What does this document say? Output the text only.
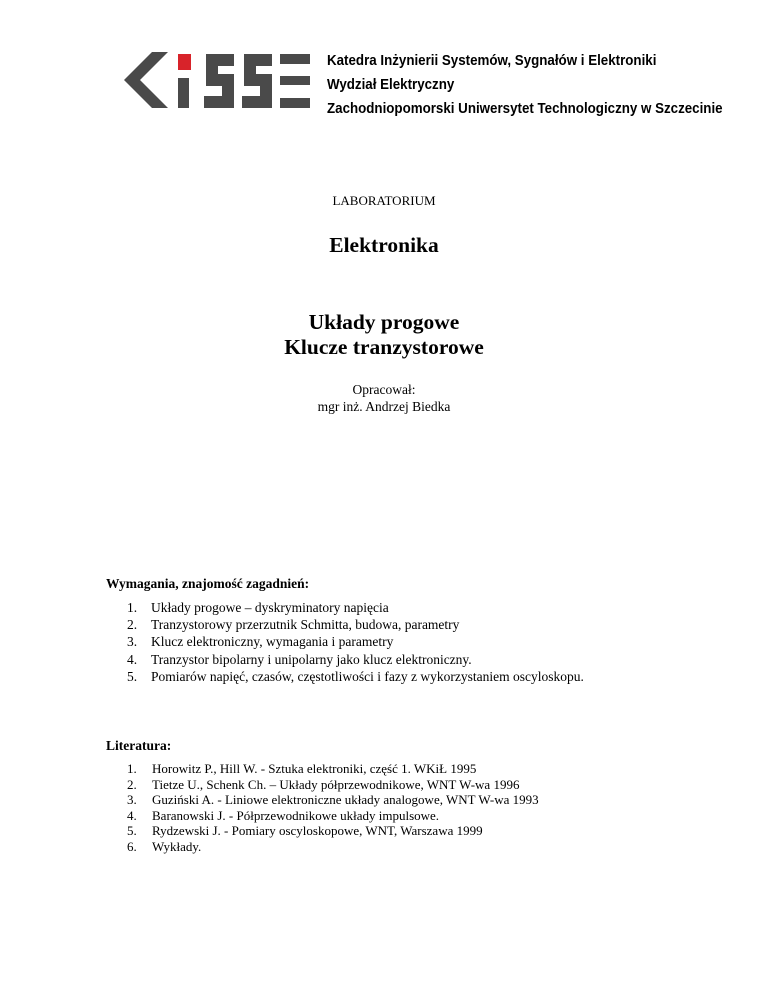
Katedra Inżynierii Systemów, Sygnałów i Elektroniki
Wydział Elektryczny
Zachodniopomorski Uniwersytet Technologiczny w Szczecinie
LABORATORIUM
Elektronika
Układy progowe
Klucze tranzystorowe
Opracował:
mgr inż. Andrzej Biedka
Wymagania, znajomość zagadnień:
1. Układy progowe – dyskryminatory napięcia
2. Tranzystorowy przerzutnik Schmitta, budowa, parametry
3. Klucz elektroniczny, wymagania i parametry
4. Tranzystor bipolarny i unipolarny jako klucz elektroniczny.
5. Pomiarów napięć, czasów, częstotliwości i fazy z wykorzystaniem oscyloskopu.
Literatura:
1. Horowitz P., Hill W. - Sztuka elektroniki, część 1. WKiŁ 1995
2. Tietze U., Schenk Ch. – Układy półprzewodnikowe, WNT W-wa 1996
3. Guziński A. - Liniowe elektroniczne układy analogowe, WNT W-wa 1993
4. Baranowski J. - Półprzewodnikowe układy impulsowe.
5. Rydzewski J. - Pomiary oscyloskopowe, WNT, Warszawa 1999
6. Wykłady.
